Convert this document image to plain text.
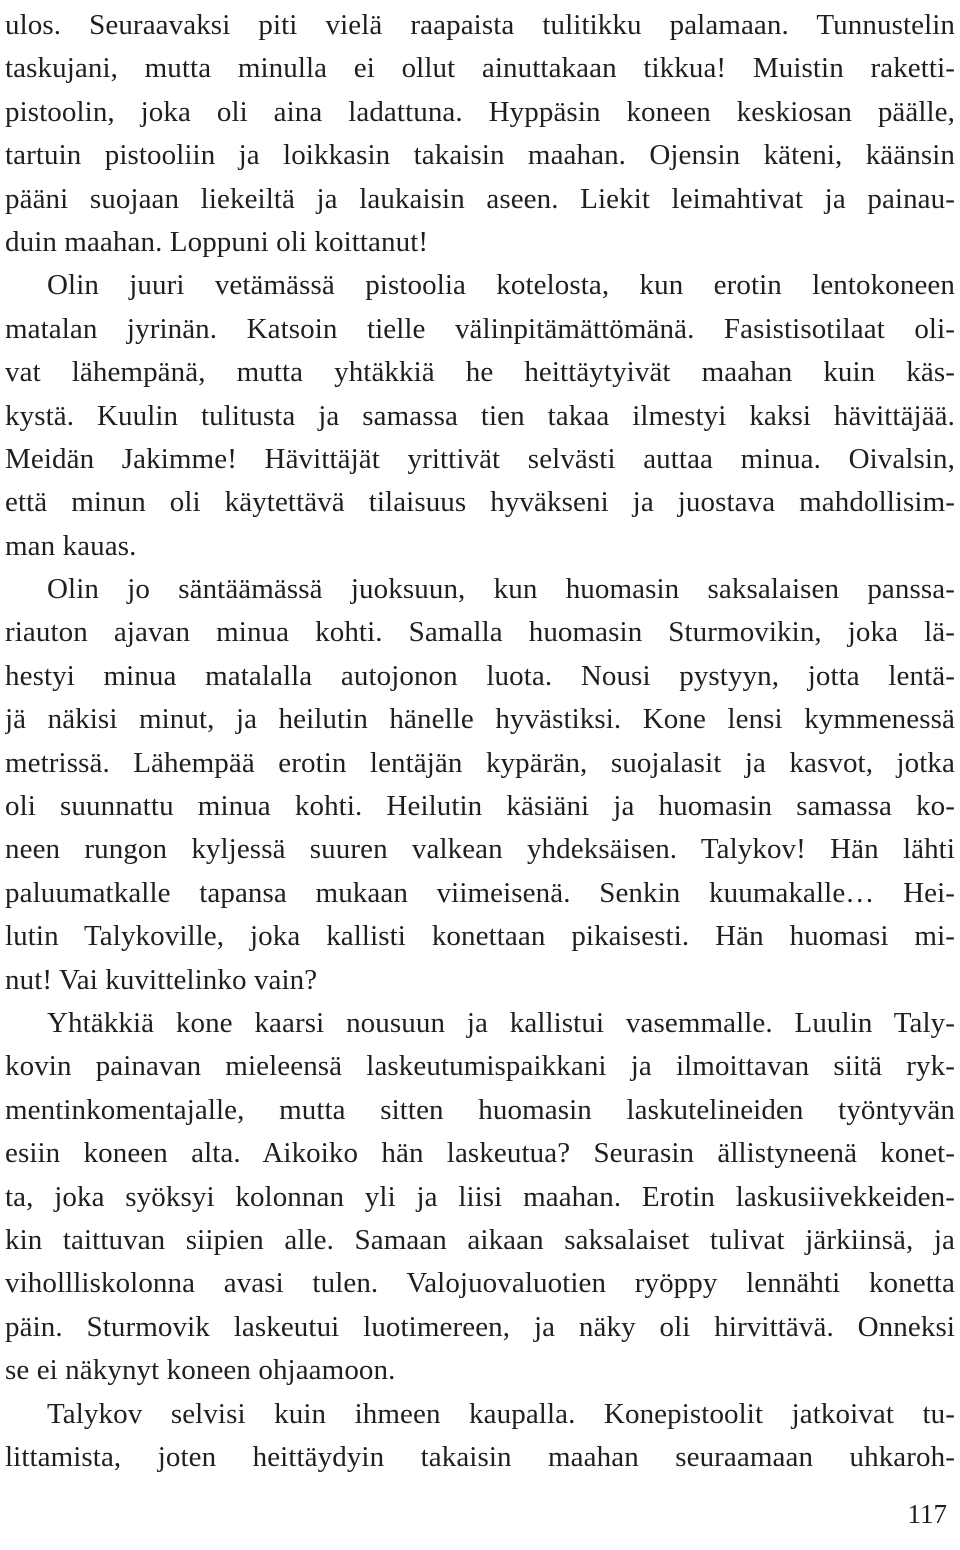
ulos. Seuraavaksi piti vielä raapaista tulitikku palamaan. Tunnustelin
taskujani, mutta minulla ei ollut ainuttakaan tikkua! Muistin raketti-
pistoolin, joka oli aina ladattuna. Hyppäsin koneen keskiosan päälle,
tartuin pistooliin ja loikkasin takaisin maahan. Ojensin käteni, käänsin
pääni suojaan liekeiltä ja laukaisin aseen. Liekit leimahtivat ja painau-
duin maahan. Loppuni oli koittanut!
Olin juuri vetämässä pistoolia kotelosta, kun erotin lentokoneen
matalan jyrinän. Katsoin tielle välinpitämättömänä. Fasistisotilaat oli-
vat lähempänä, mutta yhtäkkiä he heittäytyivät maahan kuin käs-
kystä. Kuulin tulitusta ja samassa tien takaa ilmestyi kaksi hävittäjää.
Meidän Jakimme! Hävittäjät yrittivät selvästi auttaa minua. Oivalsin,
että minun oli käytettävä tilaisuus hyväkseni ja juostava mahdollisim-
man kauas.
Olin jo säntäämässä juoksuun, kun huomasin saksalaisen panssa-
riauton ajavan minua kohti. Samalla huomasin Sturmovikin, joka lä-
hestyi minua matalalla autojonon luota. Nousi pystyyn, jotta lentä-
jä näkisi minut, ja heilutin hänelle hyvästiksi. Kone lensi kymmenessä
metrissä. Lähempää erotin lentäjän kypärän, suojalasit ja kasvot, jotka
oli suunnattu minua kohti. Heilutin käsiäni ja huomasin samassa ko-
neen rungon kyljessä suuren valkean yhdeksäisen. Talykov! Hän lähti
paluumatkalle tapansa mukaan viimeisenä. Senkin kuumakalle… Hei-
lutin Talykoville, joka kallisti konettaan pikaisesti. Hän huomasi mi-
nut! Vai kuvittelinko vain?
Yhtäkkiä kone kaarsi nousuun ja kallistui vasemmalle. Luulin Taly-
kovin painavan mieleensä laskeutumispaikkani ja ilmoittavan siitä ryk-
mentinkomentajalle, mutta sitten huomasin laskutelineiden työntyvän
esiin koneen alta. Aikoiko hän laskeutua? Seurasin ällistyneenä konet-
ta, joka syöksyi kolonnan yli ja liisi maahan. Erotin laskusiivekkeiden-
kin taittuvan siipien alle. Samaan aikaan saksalaiset tulivat järkiinsä, ja
vihollliskolonna avasi tulen. Valojuovaluotien ryöppy lennähti konetta
päin. Sturmovik laskeutui luotimereen, ja näky oli hirvittävä. Onneksi
se ei näkynyt koneen ohjaamoon.
Talykov selvisi kuin ihmeen kaupalla. Konepistoolit jatkoivat tu-
littamista, joten heittäydyin takaisin maahan seuraamaan uhkaroh-
117
